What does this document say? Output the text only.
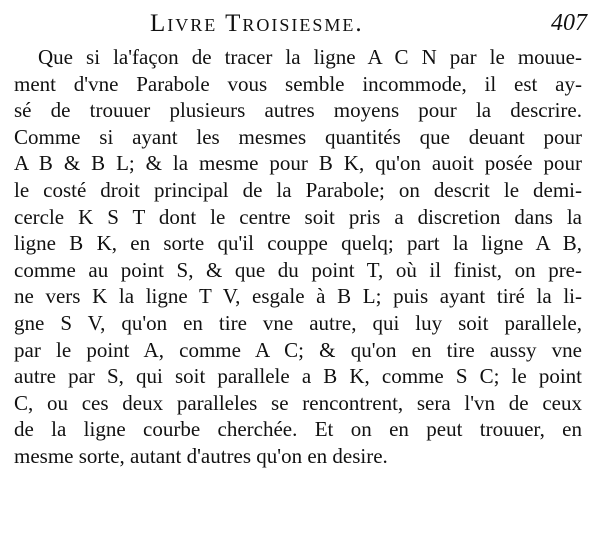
Livre Troisiesme.	407
Que si la'façon de tracer la ligne A C N par le mouue-
ment d'vne Parabole vous semble incommode, il est ay-
sé de trouuer plusieurs autres moyens pour la descrire.
Comme si ayant les mesmes quantités que deuant pour
A B & B L; & la mesme pour B K, qu'on auoit posée pour
le costé droit principal de la Parabole; on descrit le demi-
cercle K S T dont le centre soit pris a discretion dans la
ligne B K, en sorte qu'il couppe quelq; part la ligne A B,
comme au point S, & que du point T, où il finist, on pre-
ne vers K la ligne T V, esgale à B L; puis ayant tiré la li-
gne S V, qu'on en tire vne autre, qui luy soit parallele,
par le point A, comme A C; & qu'on en tire aussy vne
autre par S, qui soit parallele a B K, comme S C; le point
C, ou ces deux paralleles se rencontrent, sera l'vn de ceux
de la ligne courbe cherchée. Et on en peut trouuer, en
mesme sorte, autant d'autres qu'on en desire.
